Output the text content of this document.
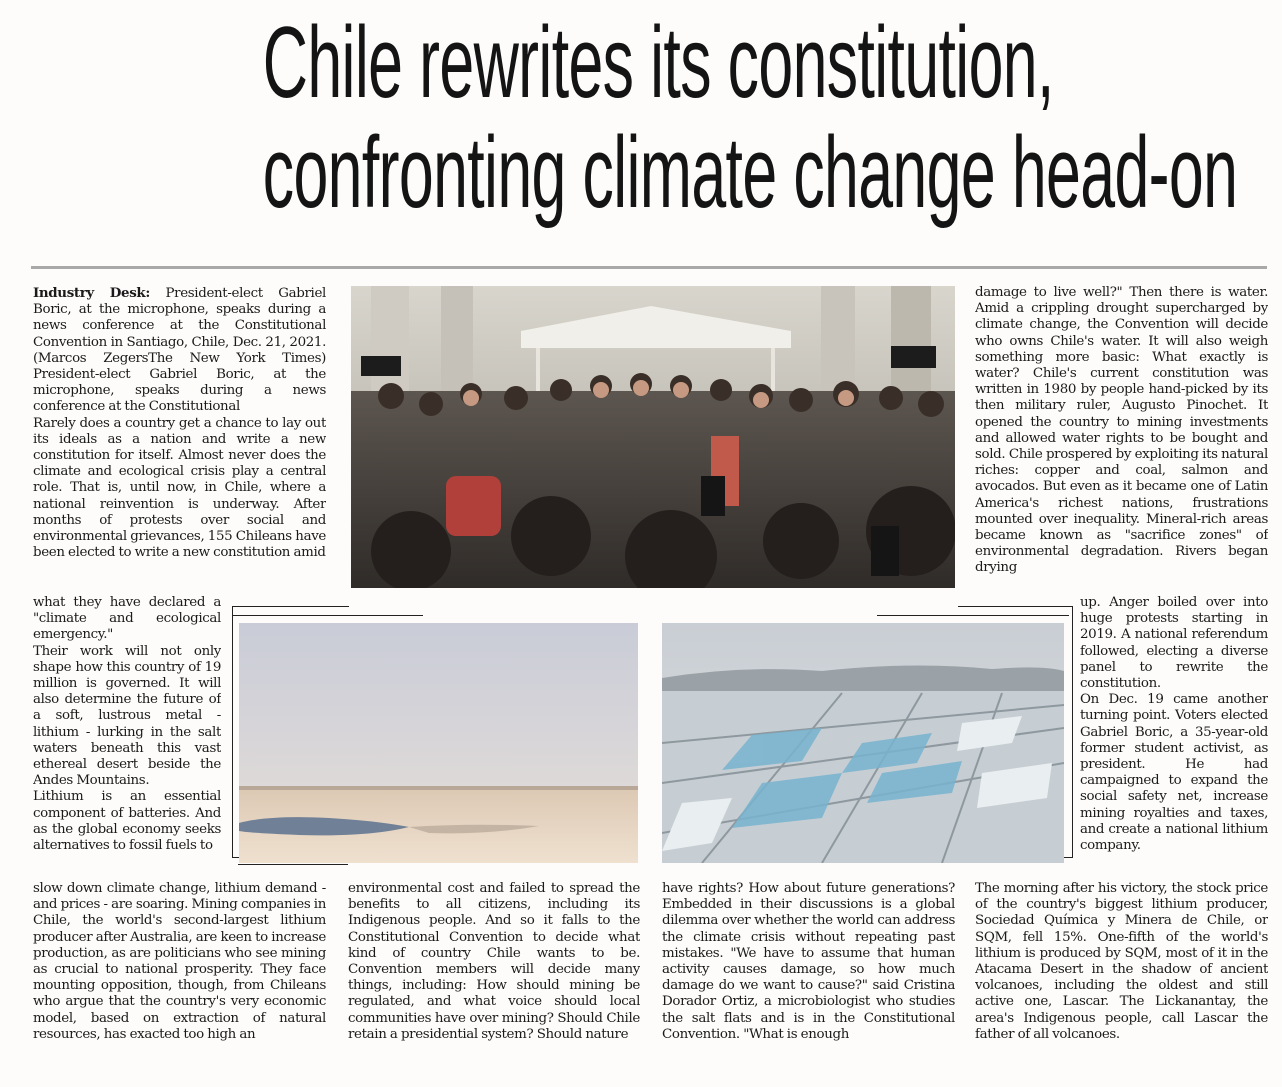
Chile rewrites its constitution,
confronting climate change head-on

Industry Desk: President-elect Gabriel Boric, at the microphone, speaks during a news conference at the Constitutional Convention in Santiago, Chile, Dec. 21, 2021. (Marcos ZegersThe New York Times) President-elect Gabriel Boric, at the microphone, speaks during a news conference at the Constitutional

Rarely does a country get a chance to lay out its ideals as a nation and write a new constitution for itself. Almost never does the climate and ecological crisis play a central role. That is, until now, in Chile, where a national reinvention is underway. After months of protests over social and environmental grievances, 155 Chileans have been elected to write a new constitution amid

what they have declared a "climate and ecological emergency."

Their work will not only shape how this country of 19 million is governed. It will also determine the future of a soft, lustrous metal - lithium - lurking in the salt waters beneath this vast ethereal desert beside the Andes Mountains.

Lithium is an essential component of batteries. And as the global economy seeks alternatives to fossil fuels to

slow down climate change, lithium demand - and prices - are soaring. Mining companies in Chile, the world's second-largest lithium producer after Australia, are keen to increase production, as are politicians who see mining as crucial to national prosperity. They face mounting opposition, though, from Chileans who argue that the country's very economic model, based on extraction of natural resources, has exacted too high an

environmental cost and failed to spread the benefits to all citizens, including its Indigenous people. And so it falls to the Constitutional Convention to decide what kind of country Chile wants to be. Convention members will decide many things, including: How should mining be regulated, and what voice should local communities have over mining? Should Chile retain a presidential system? Should nature

have rights? How about future generations? Embedded in their discussions is a global dilemma over whether the world can address the climate crisis without repeating past mistakes. "We have to assume that human activity causes damage, so how much damage do we want to cause?" said Cristina Dorador Ortiz, a microbiologist who studies the salt flats and is in the Constitutional Convention. "What is enough

damage to live well?" Then there is water. Amid a crippling drought supercharged by climate change, the Convention will decide who owns Chile's water. It will also weigh something more basic: What exactly is water? Chile's current constitution was written in 1980 by people hand-picked by its then military ruler, Augusto Pinochet. It opened the country to mining investments and allowed water rights to be bought and sold. Chile prospered by exploiting its natural riches: copper and coal, salmon and avocados. But even as it became one of Latin America's richest nations, frustrations mounted over inequality. Mineral-rich areas became known as "sacrifice zones" of environmental degradation. Rivers began drying

up. Anger boiled over into huge protests starting in 2019. A national referendum followed, electing a diverse panel to rewrite the constitution.

On Dec. 19 came another turning point. Voters elected Gabriel Boric, a 35-year-old former student activist, as president. He had campaigned to expand the social safety net, increase mining royalties and taxes, and create a national lithium company.

The morning after his victory, the stock price of the country's biggest lithium producer, Sociedad Química y Minera de Chile, or SQM, fell 15%. One-fifth of the world's lithium is produced by SQM, most of it in the Atacama Desert in the shadow of ancient volcanoes, including the oldest and still active one, Lascar. The Lickanantay, the area's Indigenous people, call Lascar the father of all volcanoes.
